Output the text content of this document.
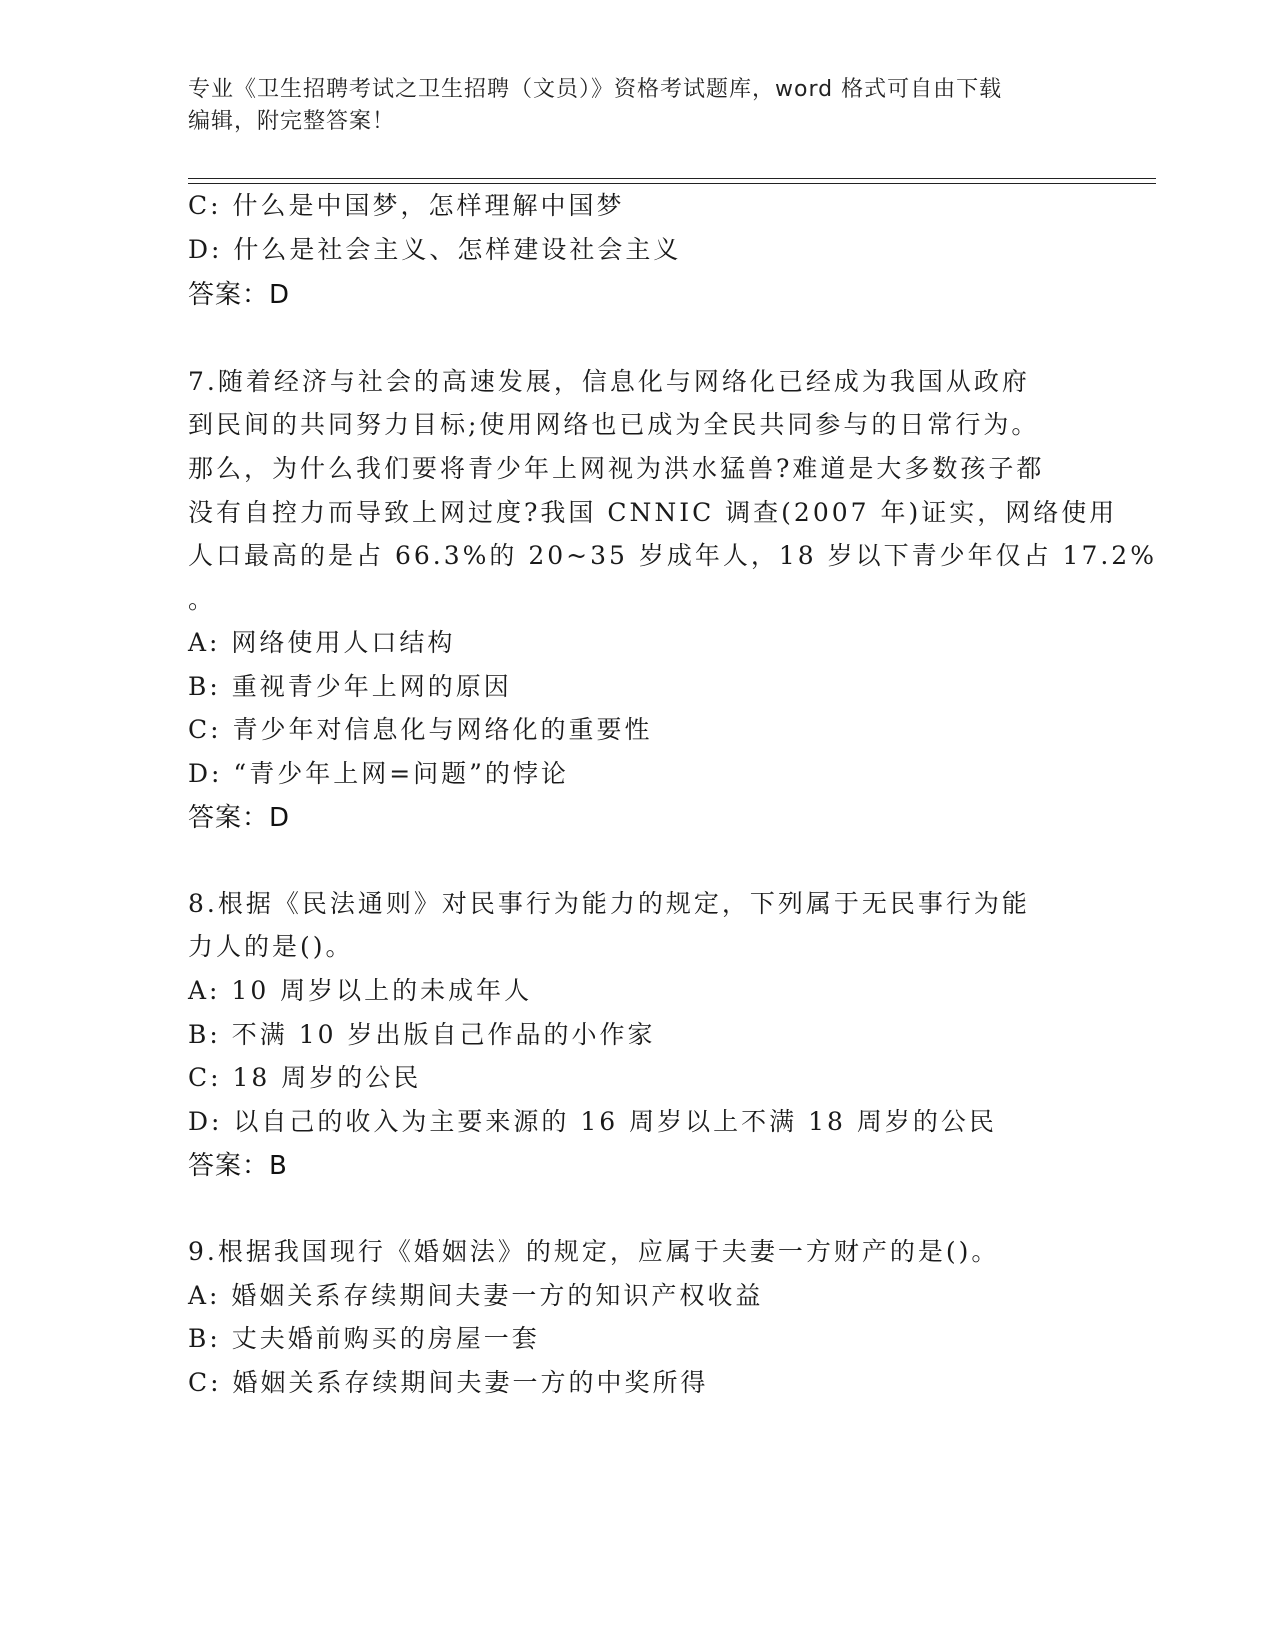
专业《卫生招聘考试之卫生招聘（文员）》资格考试题库，word 格式可自由下载
编辑，附完整答案！
C: 什么是中国梦，怎样理解中国梦
D: 什么是社会主义、怎样建设社会主义
答案：D
7.随着经济与社会的高速发展，信息化与网络化已经成为我国从政府
到民间的共同努力目标;使用网络也已成为全民共同参与的日常行为。
那么，为什么我们要将青少年上网视为洪水猛兽?难道是大多数孩子都
没有自控力而导致上网过度?我国 CNNIC 调查(2007 年)证实，网络使用
人口最高的是占 66.3%的 20~35 岁成年人，18 岁以下青少年仅占 17.2%
。
A: 网络使用人口结构
B: 重视青少年上网的原因
C: 青少年对信息化与网络化的重要性
D: “青少年上网=问题”的悖论
答案：D
8.根据《民法通则》对民事行为能力的规定，下列属于无民事行为能
力人的是()。
A: 10 周岁以上的未成年人
B: 不满 10 岁出版自己作品的小作家
C: 18 周岁的公民
D: 以自己的收入为主要来源的 16 周岁以上不满 18 周岁的公民
答案：B
9.根据我国现行《婚姻法》的规定，应属于夫妻一方财产的是()。
A: 婚姻关系存续期间夫妻一方的知识产权收益
B: 丈夫婚前购买的房屋一套
C: 婚姻关系存续期间夫妻一方的中奖所得
